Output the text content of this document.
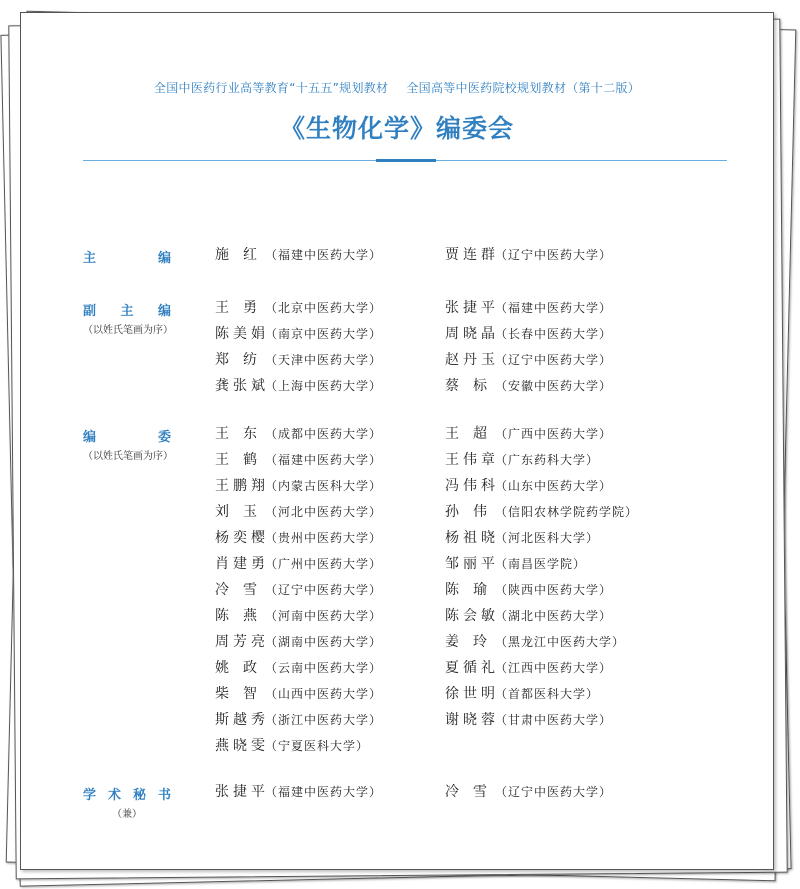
全国中医药行业高等教育“十五五”规划教材 全国高等中医药院校规划教材（第十二版）
《生物化学》编委会
主	编	施红（福建中医药大学）	贾连群（辽宁中医药大学）
副 主 编
（以姓氏笔画为序）
王勇（北京中医药大学）	张捷平（福建中医药大学）
陈美娟（南京中医药大学）	周晓晶（长春中医药大学）
郑纺（天津中医药大学）	赵丹玉（辽宁中医药大学）
龚张斌（上海中医药大学）	蔡标（安徽中医药大学）
编	委
（以姓氏笔画为序）
王东（成都中医药大学）	王超（广西中医药大学）
王鹤（福建中医药大学）	王伟章（广东药科大学）
王鹏翔（内蒙古医科大学）	冯伟科（山东中医药大学）
刘玉（河北中医药大学）	孙伟（信阳农林学院药学院）
杨奕樱（贵州中医药大学）	杨祖晓（河北医科大学）
肖建勇（广州中医药大学）	邹丽平（南昌医学院）
冷雪（辽宁中医药大学）	陈瑜（陕西中医药大学）
陈燕（河南中医药大学）	陈会敏（湖北中医药大学）
周芳亮（湖南中医药大学）	姜玲（黑龙江中医药大学）
姚政（云南中医药大学）	夏循礼（江西中医药大学）
柴智（山西中医药大学）	徐世明（首都医科大学）
斯越秀（浙江中医药大学）	谢晓蓉（甘肃中医药大学）
燕晓雯（宁夏医科大学）
学 术 秘 书
（兼）
张捷平（福建中医药大学）	冷雪（辽宁中医药大学）
